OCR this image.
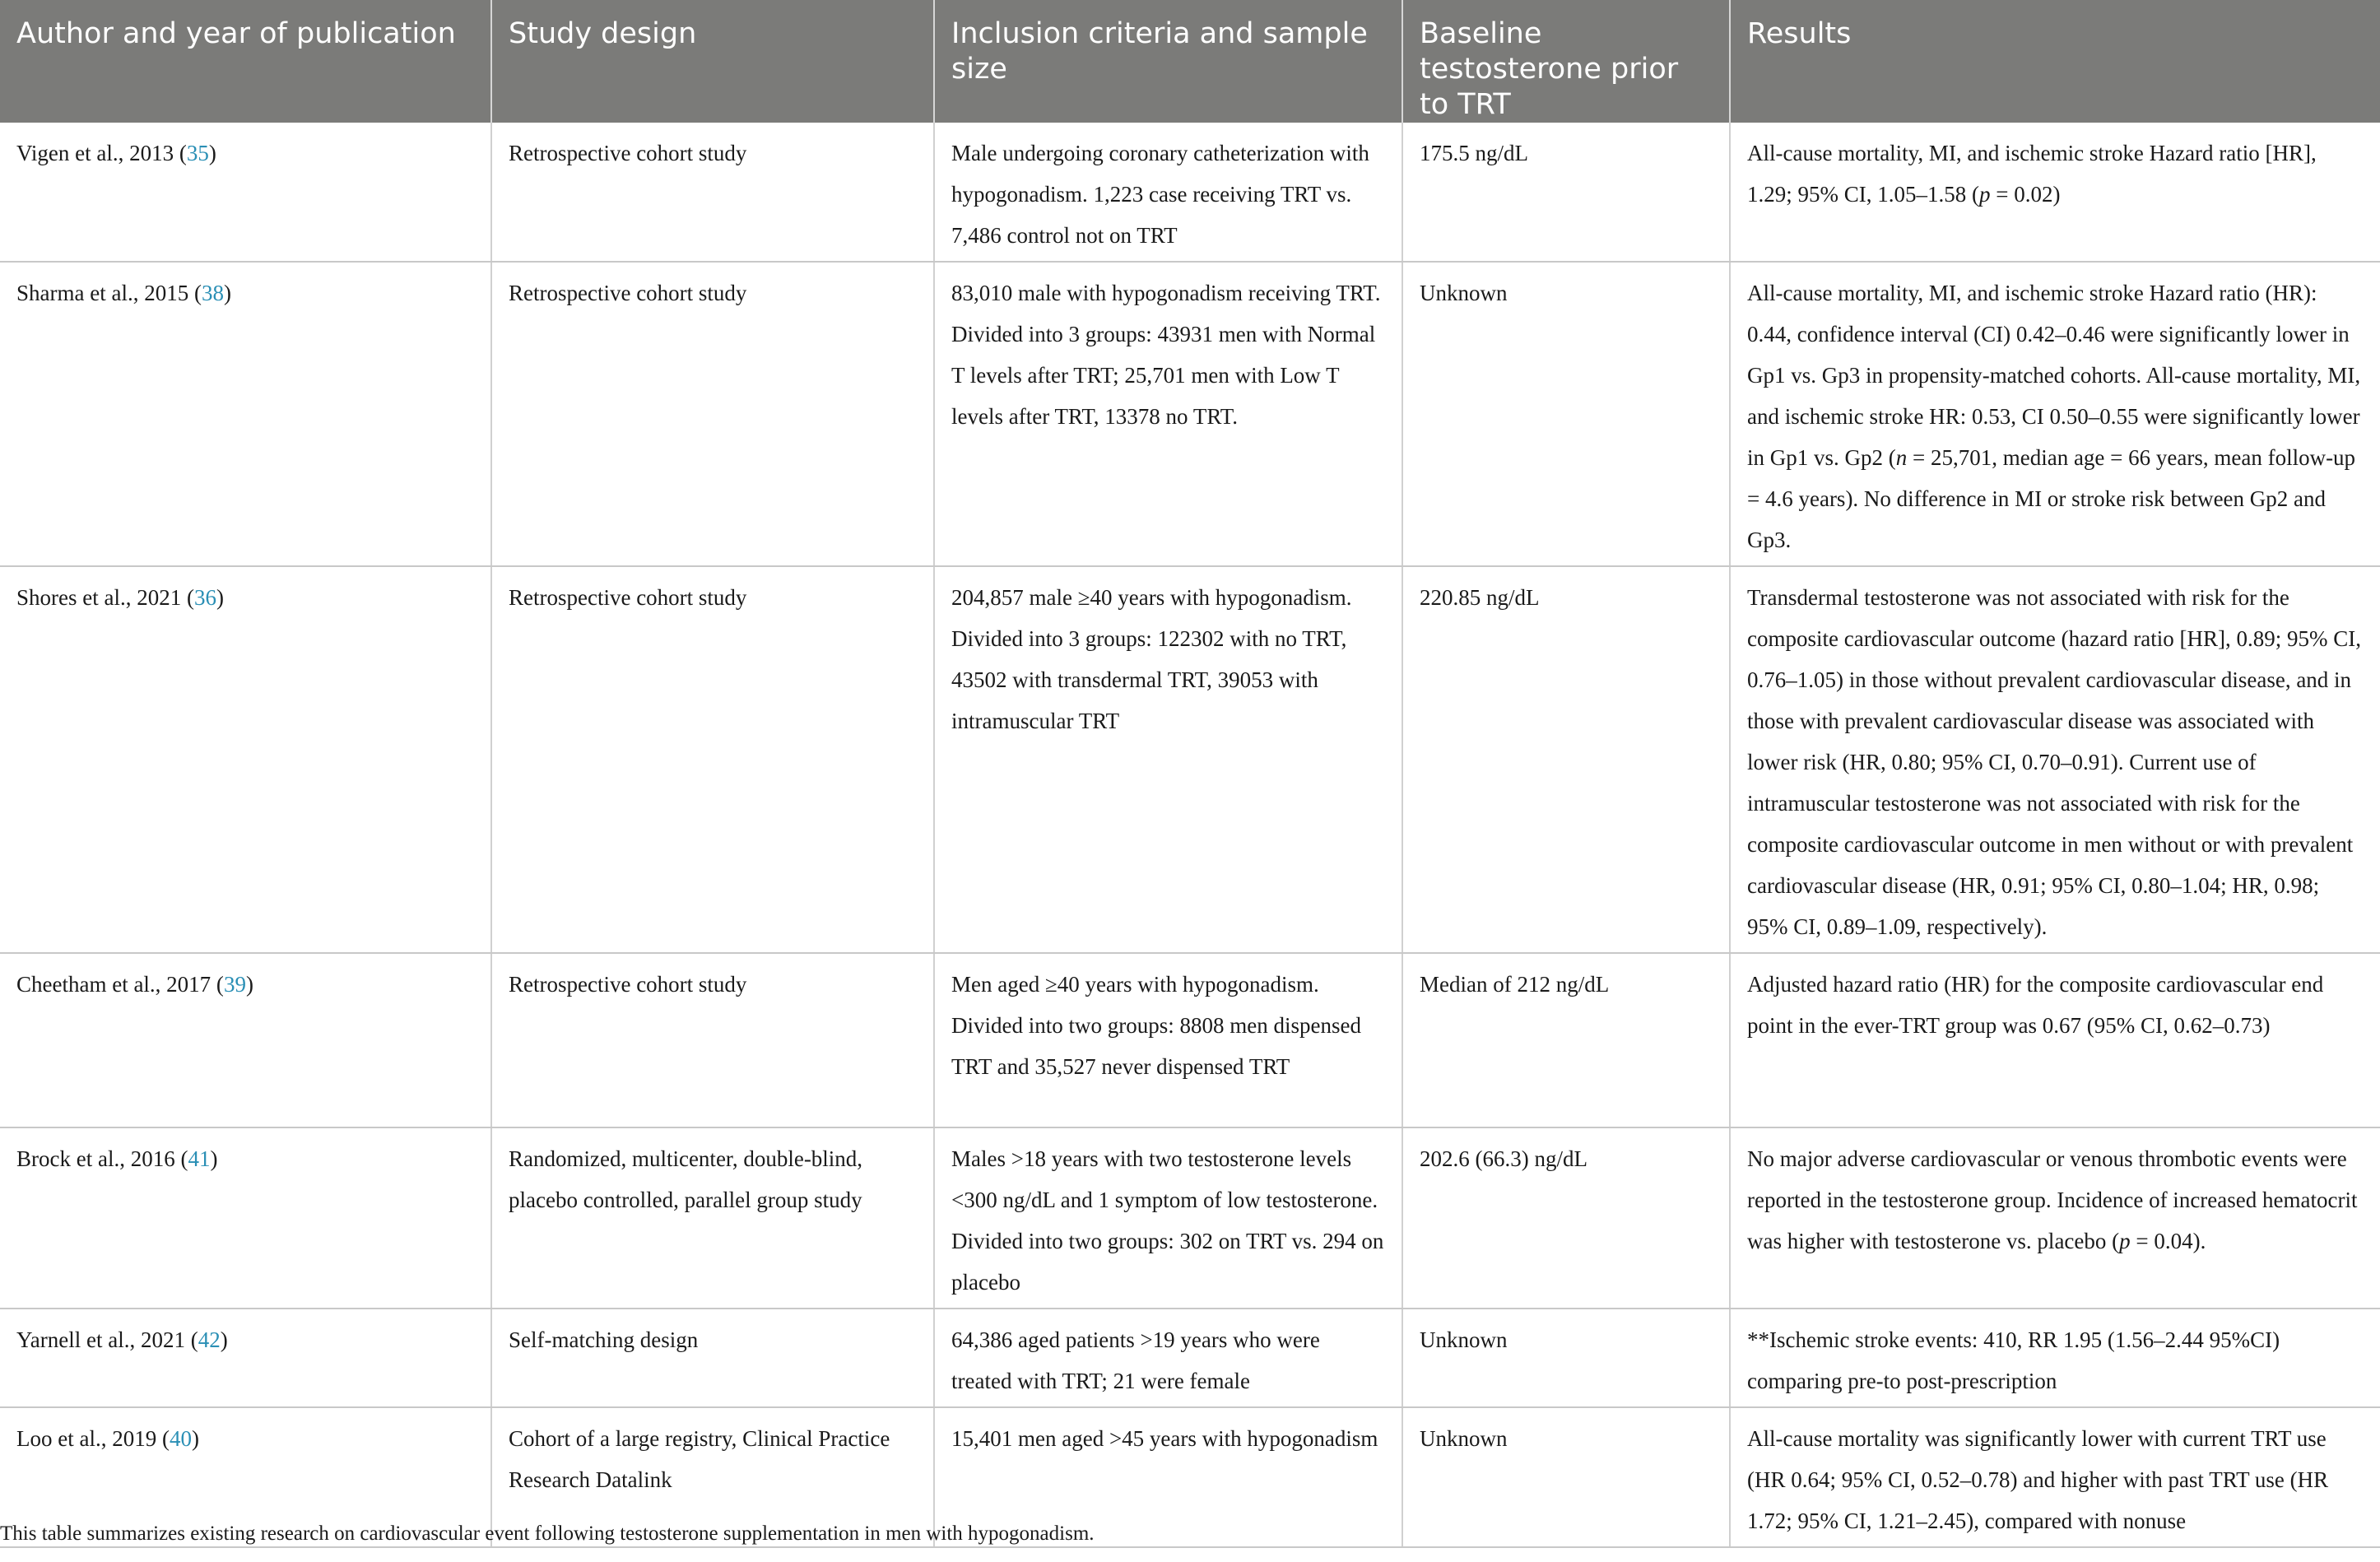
Author and year of publication	Study design	Inclusion criteria and sample size	Baseline testosterone prior to TRT	Results
Vigen et al., 2013 (35)	Retrospective cohort study	Male undergoing coronary catheterization with hypogonadism. 1,223 case receiving TRT vs. 7,486 control not on TRT	175.5 ng/dL	All-cause mortality, MI, and ischemic stroke Hazard ratio [HR], 1.29; 95% CI, 1.05–1.58 (p = 0.02)
Sharma et al., 2015 (38)	Retrospective cohort study	83,010 male with hypogonadism receiving TRT. Divided into 3 groups: 43931 men with Normal T levels after TRT; 25,701 men with Low T levels after TRT, 13378 no TRT.	Unknown	All-cause mortality, MI, and ischemic stroke Hazard ratio (HR): 0.44, confidence interval (CI) 0.42–0.46 were significantly lower in Gp1 vs. Gp3 in propensity-matched cohorts. All-cause mortality, MI, and ischemic stroke HR: 0.53, CI 0.50–0.55 were significantly lower in Gp1 vs. Gp2 (n = 25,701, median age = 66 years, mean follow-up = 4.6 years). No difference in MI or stroke risk between Gp2 and Gp3.
Shores et al., 2021 (36)	Retrospective cohort study	204,857 male ≥40 years with hypogonadism. Divided into 3 groups: 122302 with no TRT, 43502 with transdermal TRT, 39053 with intramuscular TRT	220.85 ng/dL	Transdermal testosterone was not associated with risk for the composite cardiovascular outcome (hazard ratio [HR], 0.89; 95% CI, 0.76–1.05) in those without prevalent cardiovascular disease, and in those with prevalent cardiovascular disease was associated with lower risk (HR, 0.80; 95% CI, 0.70–0.91). Current use of intramuscular testosterone was not associated with risk for the composite cardiovascular outcome in men without or with prevalent cardiovascular disease (HR, 0.91; 95% CI, 0.80–1.04; HR, 0.98; 95% CI, 0.89–1.09, respectively).
Cheetham et al., 2017 (39)	Retrospective cohort study	Men aged ≥40 years with hypogonadism. Divided into two groups: 8808 men dispensed TRT and 35,527 never dispensed TRT	Median of 212 ng/dL	Adjusted hazard ratio (HR) for the composite cardiovascular end point in the ever-TRT group was 0.67 (95% CI, 0.62–0.73)
Brock et al., 2016 (41)	Randomized, multicenter, double-blind, placebo controlled, parallel group study	Males >18 years with two testosterone levels <300 ng/dL and 1 symptom of low testosterone. Divided into two groups: 302 on TRT vs. 294 on placebo	202.6 (66.3) ng/dL	No major adverse cardiovascular or venous thrombotic events were reported in the testosterone group. Incidence of increased hematocrit was higher with testosterone vs. placebo (p = 0.04).
Yarnell et al., 2021 (42)	Self-matching design	64,386 aged patients >19 years who were treated with TRT; 21 were female	Unknown	**Ischemic stroke events: 410, RR 1.95 (1.56–2.44 95%CI) comparing pre-to post-prescription
Loo et al., 2019 (40)	Cohort of a large registry, Clinical Practice Research Datalink	15,401 men aged >45 years with hypogonadism	Unknown	All-cause mortality was significantly lower with current TRT use (HR 0.64; 95% CI, 0.52–0.78) and higher with past TRT use (HR 1.72; 95% CI, 1.21–2.45), compared with nonuse
This table summarizes existing research on cardiovascular event following testosterone supplementation in men with hypogonadism.
